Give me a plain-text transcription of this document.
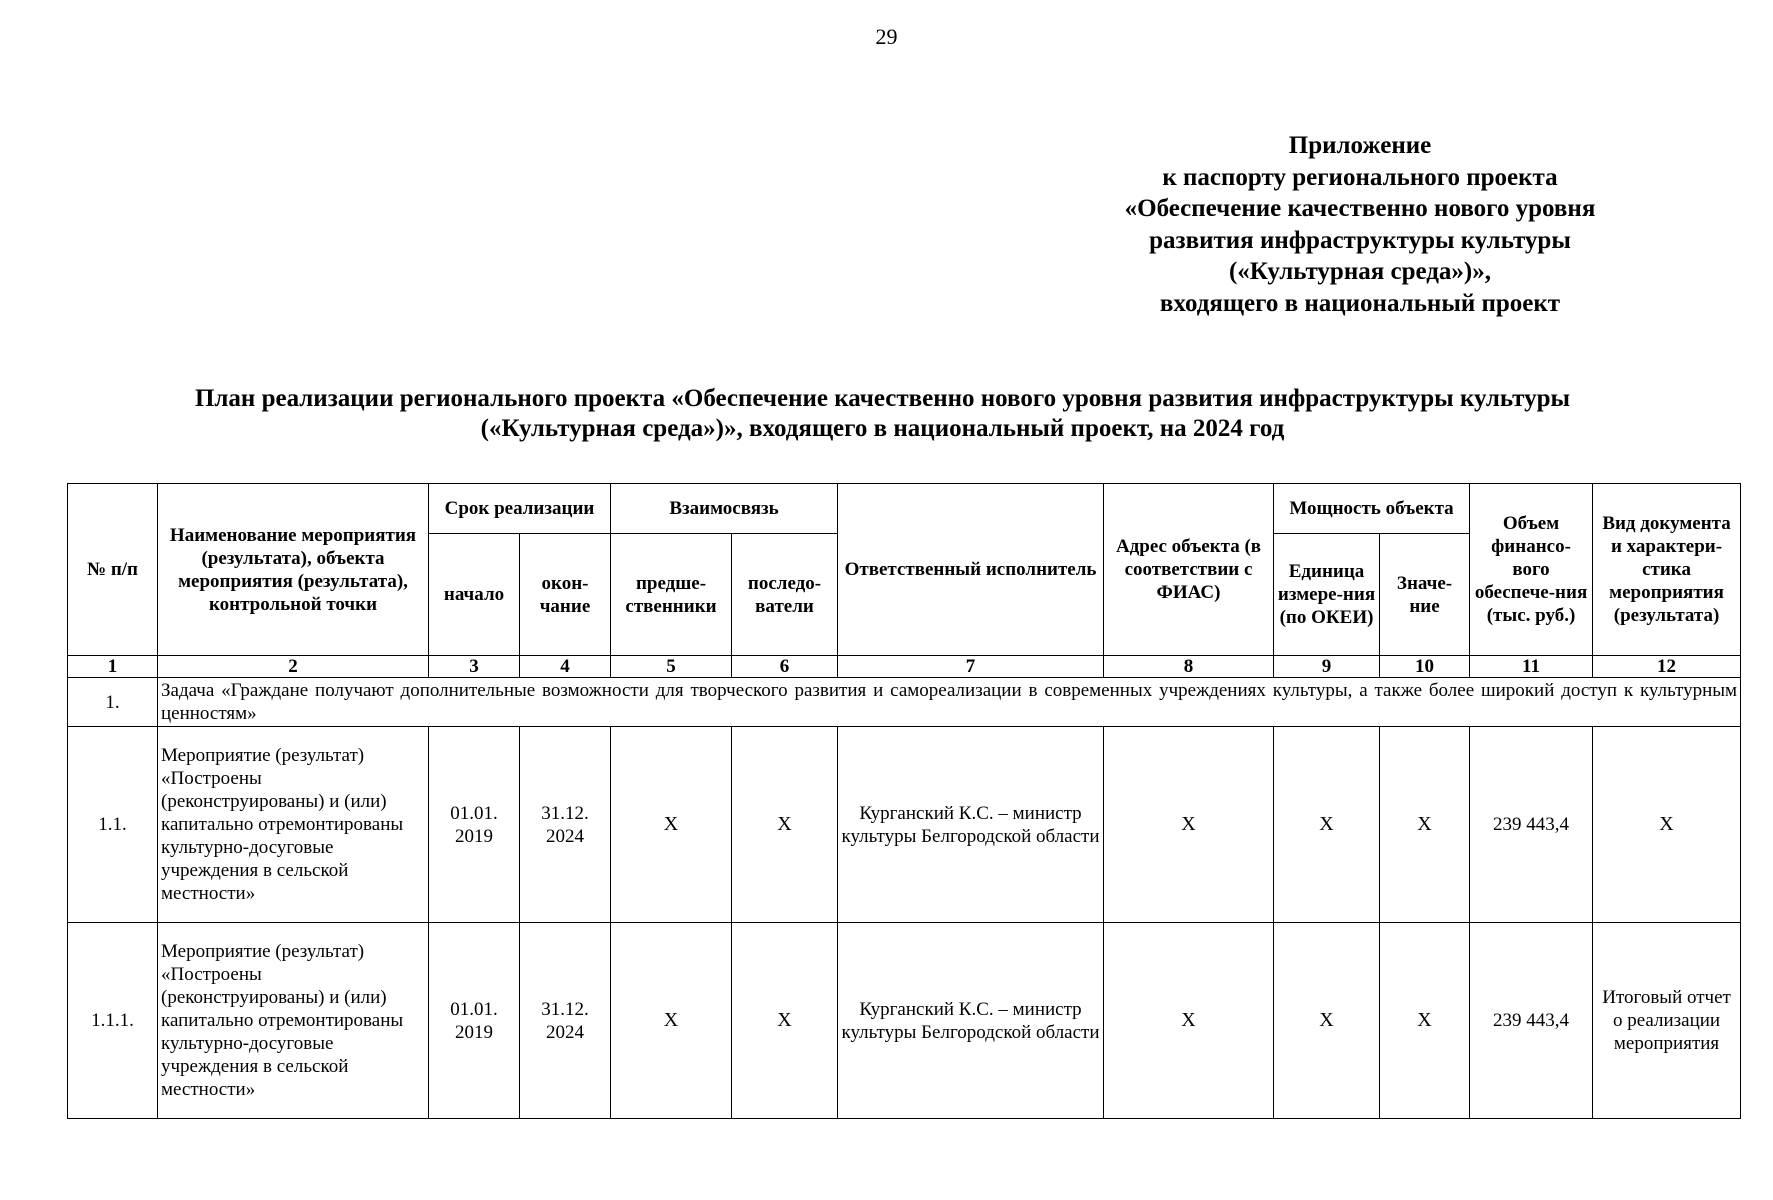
29
Приложение
к паспорту регионального проекта
«Обеспечение качественно нового уровня
развития инфраструктуры культуры
(«Культурная среда»)»,
входящего в национальный проект
План реализации регионального проекта «Обеспечение качественно нового уровня развития инфраструктуры культуры
(«Культурная среда»)», входящего в национальный проект, на 2024 год
№ п/п	Наименование мероприятия (результата), объекта мероприятия (результата), контрольной точки	Срок реализации		Взаимосвязь		Ответственный исполнитель	Адрес объекта (в соответствии с ФИАС)	Мощность объекта		Объем финансо-вого обеспече-ния (тыс. руб.)	Вид документа и характери-стика мероприятия (результата)
		начало	окон-чание	предше-ственники	последо-ватели			Единица измере-ния (по ОКЕИ)	Значе-ние		
1	2	3	4	5	6	7	8	9	10	11	12
1.	Задача «Граждане получают дополнительные возможности для творческого развития и самореализации в современных учреждениях культуры, а также более широкий доступ к культурным ценностям»										
1.1.	Мероприятие (результат) «Построены (реконструированы) и (или) капитально отремонтированы культурно-досуговые учреждения в сельской местности»	01.01. 2019	31.12. 2024	Х	Х	Курганский К.С. – министр культуры Белгородской области	Х	Х	Х	239 443,4	Х
1.1.1.	Мероприятие (результат) «Построены (реконструированы) и (или) капитально отремонтированы культурно-досуговые учреждения в сельской местности»	01.01. 2019	31.12. 2024	Х	Х	Курганский К.С. – министр культуры Белгородской области	Х	Х	Х	239 443,4	Итоговый отчет о реализации мероприятия
